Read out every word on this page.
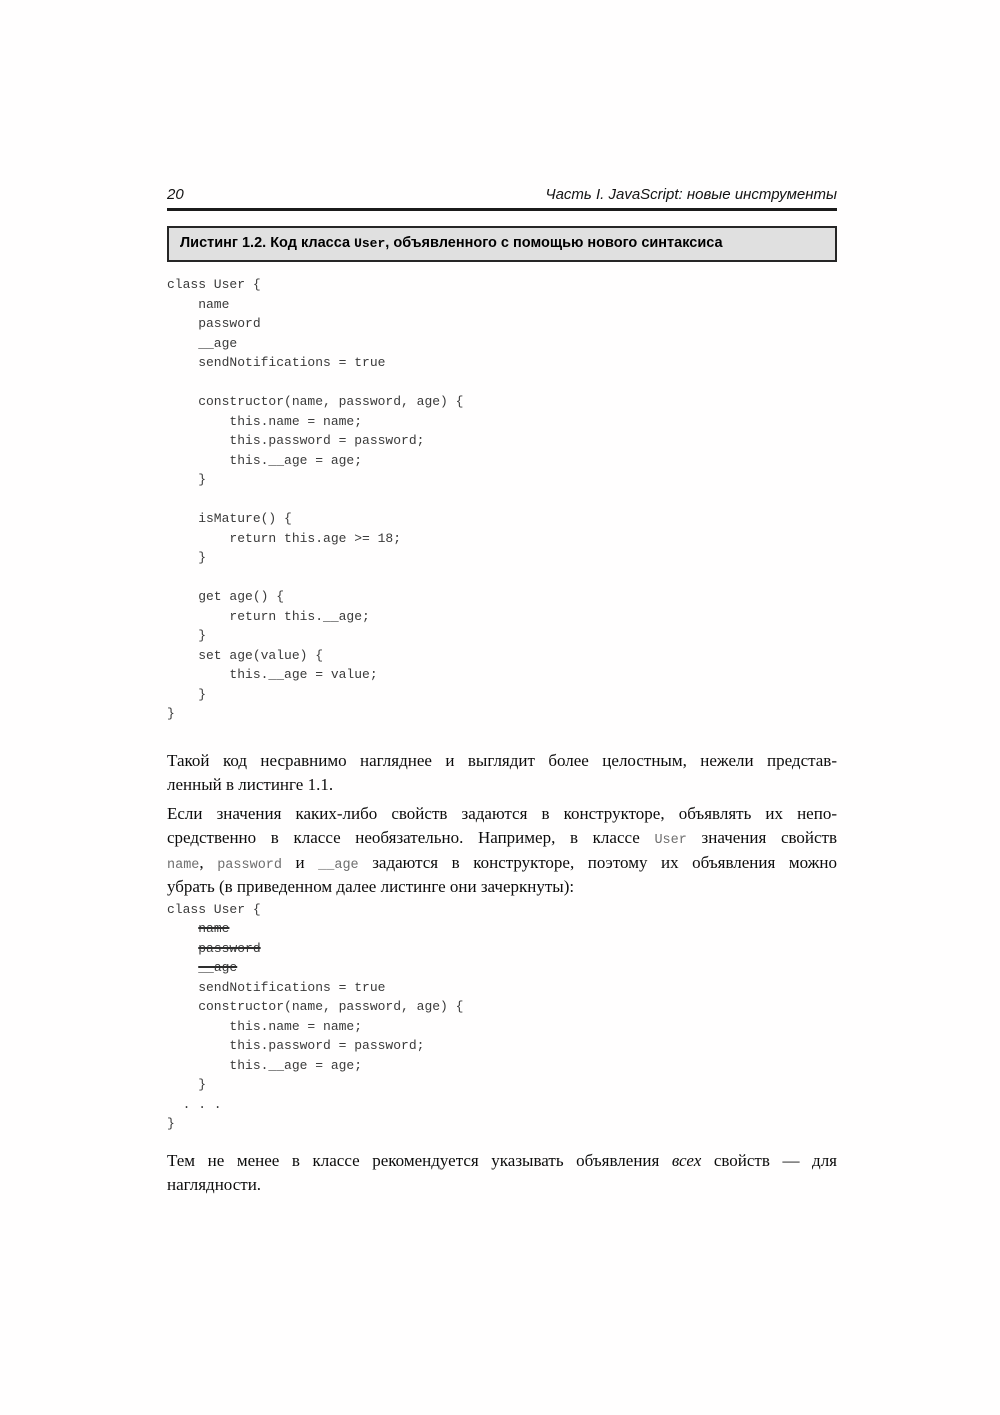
20	Часть I. JavaScript: новые инструменты
Листинг 1.2. Код класса User, объявленного с помощью нового синтаксиса
class User {
name
password
__age
sendNotifications = true

constructor(name, password, age) {
this.name = name;
this.password = password;
this.__age = age;
}

isMature() {
return this.age >= 18;
}

get age() {
return this.__age;
}
set age(value) {
this.__age = value;
}
}
Такой код несравнимо нагляднее и выглядит более целостным, нежели представ-
ленный в листинге 1.1.
Если значения каких-либо свойств задаются в конструкторе, объявлять их непо-
средственно в классе необязательно. Например, в классе User значения свойств
name, password и __age задаются в конструкторе, поэтому их объявления можно
убрать (в приведенном далее листинге они зачеркнуты):
class User {
name
password
__age
sendNotifications = true
constructor(name, password, age) {
this.name = name;
this.password = password;
this.__age = age;
}
. . .
}
Тем не менее в классе рекомендуется указывать объявления всех свойств — для
наглядности.
